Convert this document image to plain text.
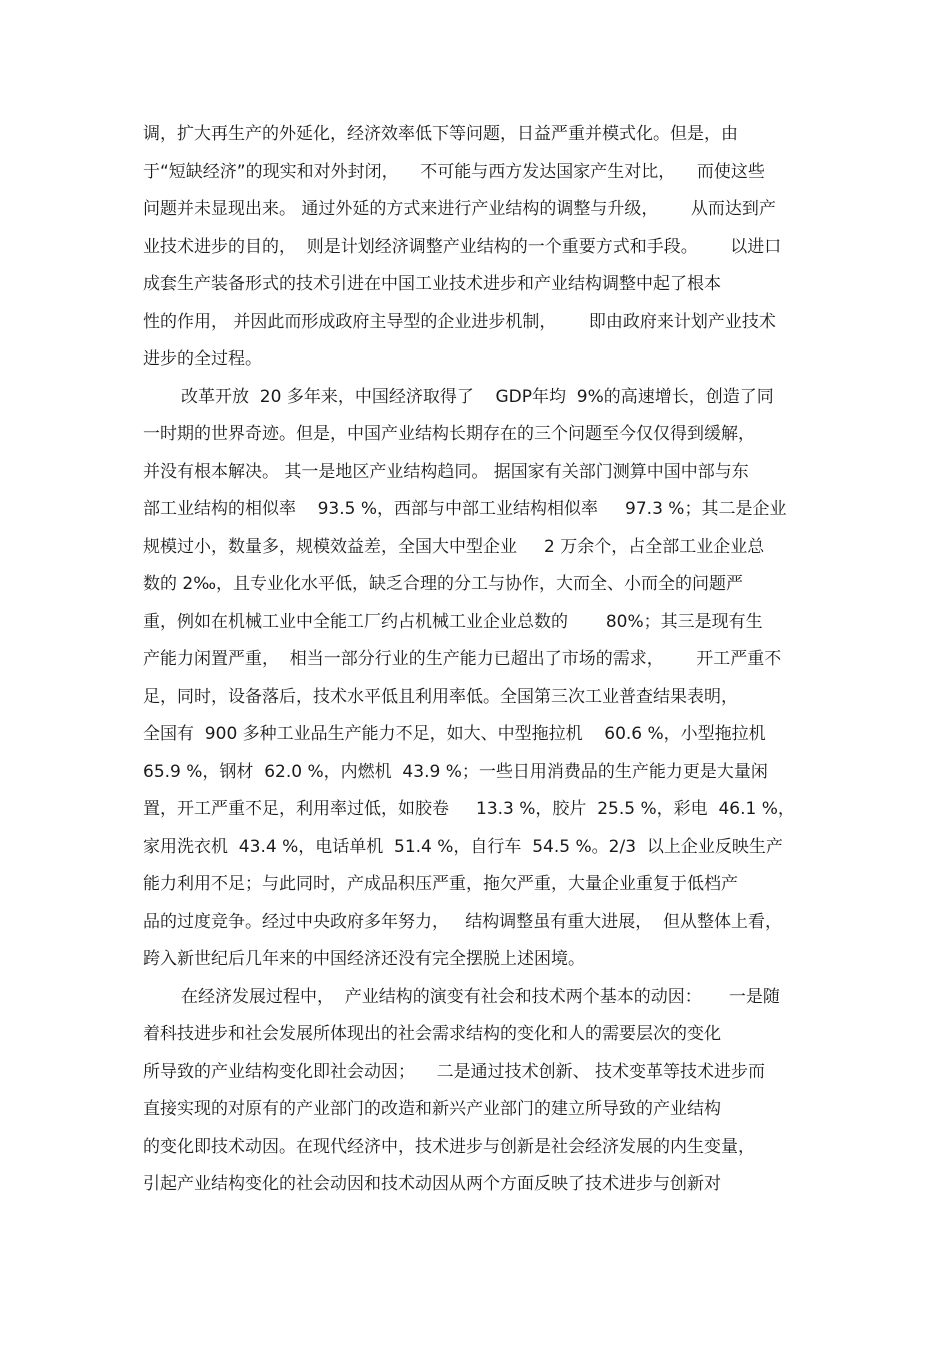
调，扩大再生产的外延化，经济效率低下等问题，日益严重并模式化。但是，由
于“短缺经济”的现实和对外封闭，    不可能与西方发达国家产生对比，    而使这些
问题并未显现出来。 通过外延的方式来进行产业结构的调整与升级，      从而达到产
业技术进步的目的，  则是计划经济调整产业结构的一个重要方式和手段。      以进口
成套生产装备形式的技术引进在中国工业技术进步和产业结构调整中起了根本
性的作用， 并因此而形成政府主导型的企业进步机制，      即由政府来计划产业技术
进步的全过程。
改革开放  20 多年来，中国经济取得了    GDP年均  9%的高速增长，创造了同
一时期的世界奇迹。但是，中国产业结构长期存在的三个问题至今仅仅得到缓解，
并没有根本解决。 其一是地区产业结构趋同。 据国家有关部门测算中国中部与东
部工业结构的相似率    93.5 %，西部与中部工业结构相似率     97.3 %；其二是企业
规模过小，数量多，规模效益差，全国大中型企业     2 万余个，占全部工业企业总
数的 2‰，且专业化水平低，缺乏合理的分工与协作，大而全、小而全的问题严
重，例如在机械工业中全能工厂约占机械工业企业总数的       80%；其三是现有生
产能力闲置严重，  相当一部分行业的生产能力已超出了市场的需求，      开工严重不
足，同时，设备落后，技术水平低且利用率低。全国第三次工业普查结果表明，
全国有  900 多种工业品生产能力不足，如大、中型拖拉机    60.6 %，小型拖拉机
65.9 %，钢材  62.0 %，内燃机  43.9 %；一些日用消费品的生产能力更是大量闲
置，开工严重不足，利用率过低，如胶卷     13.3 %，胶片  25.5 %，彩电  46.1 %，
家用洗衣机  43.4 %，电话单机  51.4 %，自行车  54.5 %。2/3  以上企业反映生产
能力利用不足；与此同时，产成品积压严重，拖欠严重，大量企业重复于低档产
品的过度竞争。经过中央政府多年努力，   结构调整虽有重大进展，  但从整体上看，
跨入新世纪后几年来的中国经济还没有完全摆脱上述困境。
在经济发展过程中，  产业结构的演变有社会和技术两个基本的动因：     一是随
着科技进步和社会发展所体现出的社会需求结构的变化和人的需要层次的变化
所导致的产业结构变化即社会动因；    二是通过技术创新、 技术变革等技术进步而
直接实现的对原有的产业部门的改造和新兴产业部门的建立所导致的产业结构
的变化即技术动因。在现代经济中，技术进步与创新是社会经济发展的内生变量，
引起产业结构变化的社会动因和技术动因从两个方面反映了技术进步与创新对
